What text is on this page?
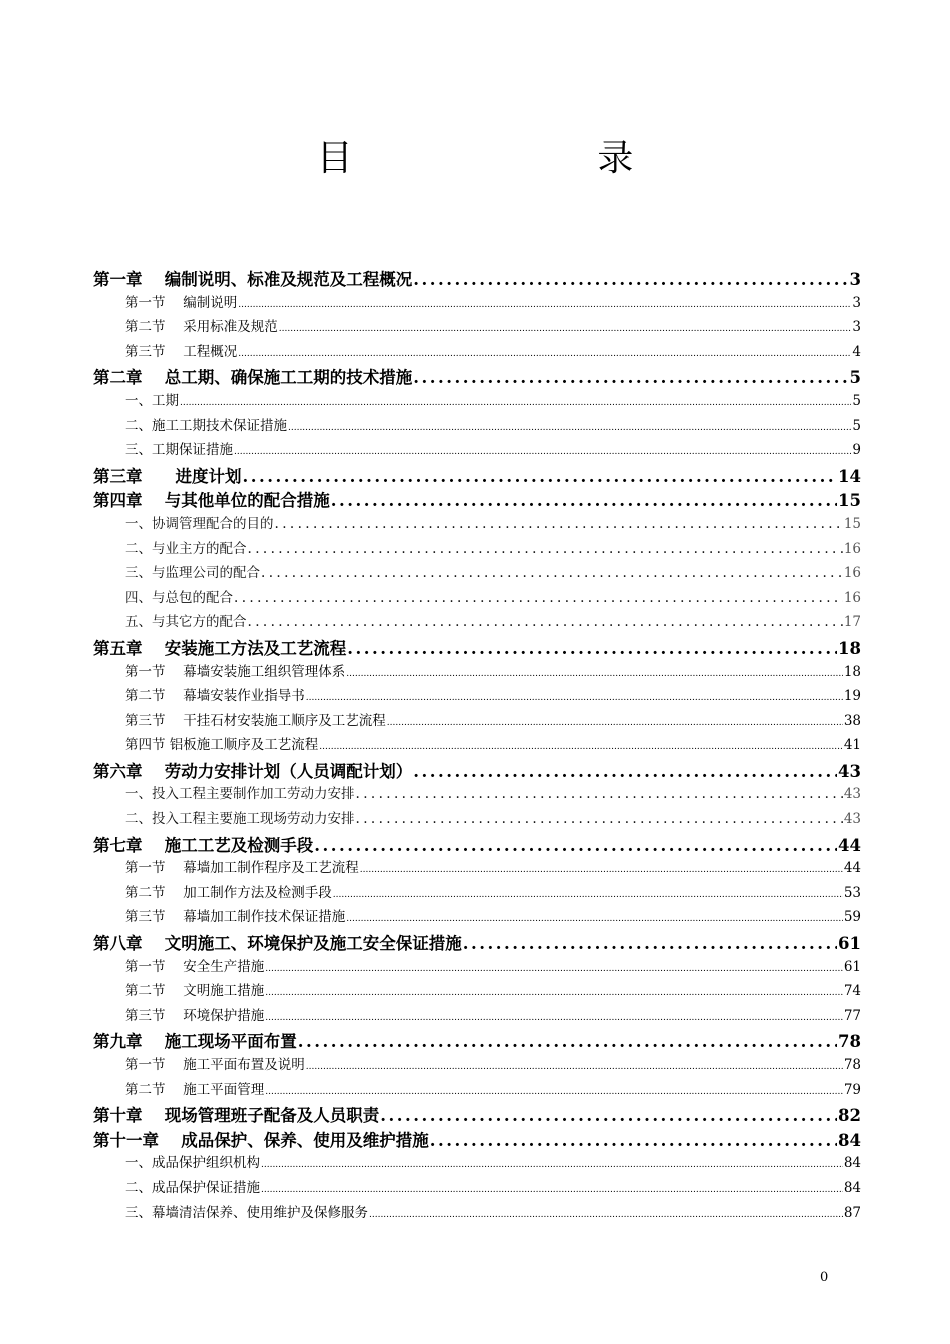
目　　录
第一章　 编制说明、标准及规范及工程概况 .....	3
第一节　 编制说明 .....	3
第二节　 采用标准及规范 .....	3
第三节　 工程概况 .....	4
第二章　 总工期、确保施工工期的技术措施 .....	5
一、工期 .....	5
二、施工工期技术保证措施 .....	5
三、工期保证措施 .....	9
第三章　　进度计划 .....	14
第四章　 与其他单位的配合措施 .....	15
一、协调管理配合的目的 .....	15
二、与业主方的配合 .....	16
三、与监理公司的配合 .....	16
四、与总包的配合 .....	16
五、与其它方的配合 .....	17
第五章　 安装施工方法及工艺流程 .....	18
第一节　 幕墙安装施工组织管理体系 .....	18
第二节　 幕墙安装作业指导书 .....	19
第三节　 干挂石材安装施工顺序及工艺流程 .....	38
第四节 铝板施工顺序及工艺流程 .....	41
第六章　 劳动力安排计划（人员调配计划） .....	43
一、投入工程主要制作加工劳动力安排 .....	43
二、投入工程主要施工现场劳动力安排 .....	43
第七章　 施工工艺及检测手段 .....	44
第一节　 幕墙加工制作程序及工艺流程 .....	44
第二节　 加工制作方法及检测手段 .....	53
第三节　 幕墙加工制作技术保证措施 .....	59
第八章　 文明施工、环境保护及施工安全保证措施 .....	61
第一节　 安全生产措施 .....	61
第二节　 文明施工措施 .....	74
第三节　 环境保护措施 .....	77
第九章　 施工现场平面布置 .....	78
第一节　 施工平面布置及说明 .....	78
第二节　 施工平面管理 .....	79
第十章　 现场管理班子配备及人员职责 .....	82
第十一章　 成品保护、保养、使用及维护措施 .....	84
一、成品保护组织机构 .....	84
二、成品保护保证措施 .....	84
三、幕墙清洁保养、使用维护及保修服务 .....	87
0
